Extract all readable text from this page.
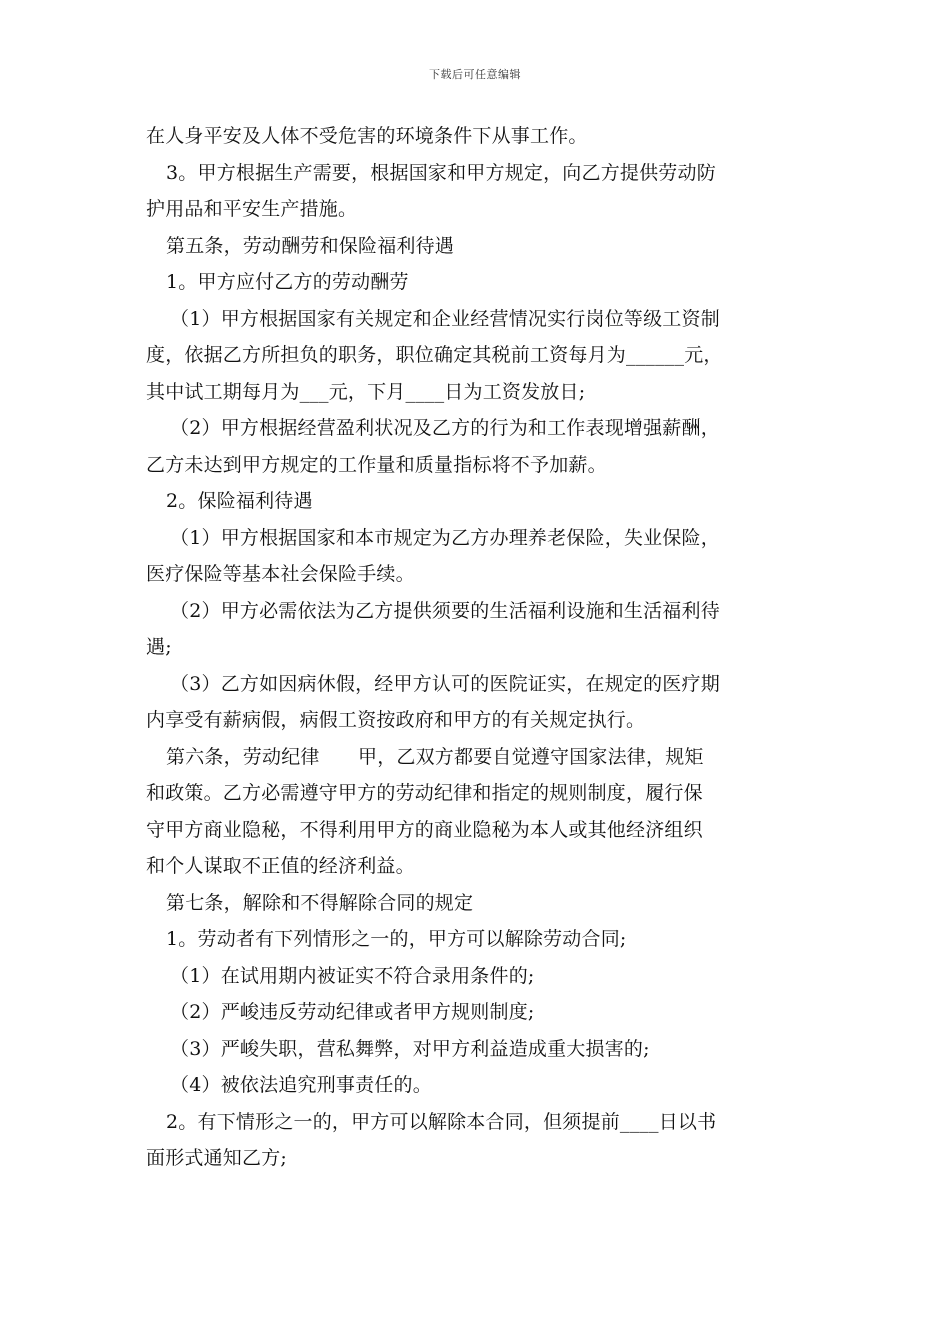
下载后可任意编辑
在人身平安及人体不受危害的环境条件下从事工作。
3。甲方根据生产需要，根据国家和甲方规定，向乙方提供劳动防
护用品和平安生产措施。
第五条，劳动酬劳和保险福利待遇
1。甲方应付乙方的劳动酬劳
（1）甲方根据国家有关规定和企业经营情况实行岗位等级工资制
度，依据乙方所担负的职务，职位确定其税前工资每月为______元，
其中试工期每月为___元，下月____日为工资发放日;
（2）甲方根据经营盈利状况及乙方的行为和工作表现增强薪酬，
乙方未达到甲方规定的工作量和质量指标将不予加薪。
2。保险福利待遇
（1）甲方根据国家和本市规定为乙方办理养老保险，失业保险，
医疗保险等基本社会保险手续。
（2）甲方必需依法为乙方提供须要的生活福利设施和生活福利待
遇;
（3）乙方如因病休假，经甲方认可的医院证实，在规定的医疗期
内享受有薪病假，病假工资按政府和甲方的有关规定执行。
第六条，劳动纪律　　甲，乙双方都要自觉遵守国家法律，规矩
和政策。乙方必需遵守甲方的劳动纪律和指定的规则制度，履行保
守甲方商业隐秘，不得利用甲方的商业隐秘为本人或其他经济组织
和个人谋取不正值的经济利益。
第七条，解除和不得解除合同的规定
1。劳动者有下列情形之一的，甲方可以解除劳动合同;
（1）在试用期内被证实不符合录用条件的;
（2）严峻违反劳动纪律或者甲方规则制度;
（3）严峻失职，营私舞弊，对甲方利益造成重大损害的;
（4）被依法追究刑事责任的。
2。有下情形之一的，甲方可以解除本合同，但须提前____日以书
面形式通知乙方;
